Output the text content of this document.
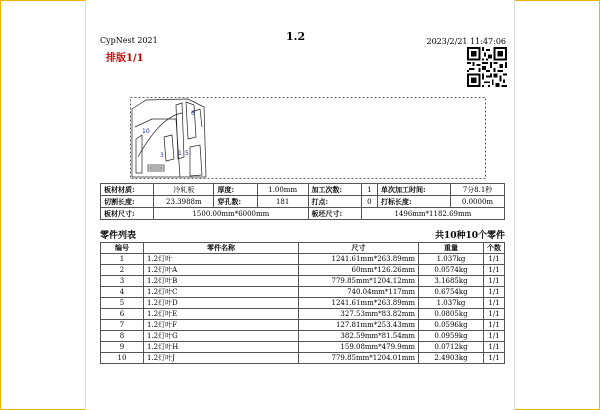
CypNest 2021	1.2	2023/2/21 11:47:06
排版1/1
10
3 1 5
6
板材材质:	冷轧板	厚度:	1.00mm	加工次数:	1	单次加工时间:	7分8.1秒
切割长度:	23.3988m	穿孔数:	181	打点:	0	打标长度:	0.0000m
板材尺寸:	1500.00mm*6000mm			板坯尺寸:	1496mm*1182.69mm		
零件列表	共10种10个零件
编号	零件名称	尺寸	重量	个数
1	1.2灯叶	1241.61mm*263.89mm	1.037kg	1/1
2	1.2灯叶A	60mm*126.26mm	0.0574kg	1/1
3	1.2灯叶B	779.85mm*1204.12mm	3.1685kg	1/1
4	1.2灯叶C	740.04mm*117mm	0.6754kg	1/1
5	1.2灯叶D	1241.61mm*263.89mm	1.037kg	1/1
6	1.2灯叶E	327.53mm*83.82mm	0.0805kg	1/1
7	1.2灯叶F	127.81mm*253.43mm	0.0596kg	1/1
8	1.2灯叶G	382.59mm*81.54mm	0.0959kg	1/1
9	1.2灯叶H	159.08mm*479.9mm	0.0712kg	1/1
10	1.2灯叶J	779.85mm*1204.01mm	2.4903kg	1/1
